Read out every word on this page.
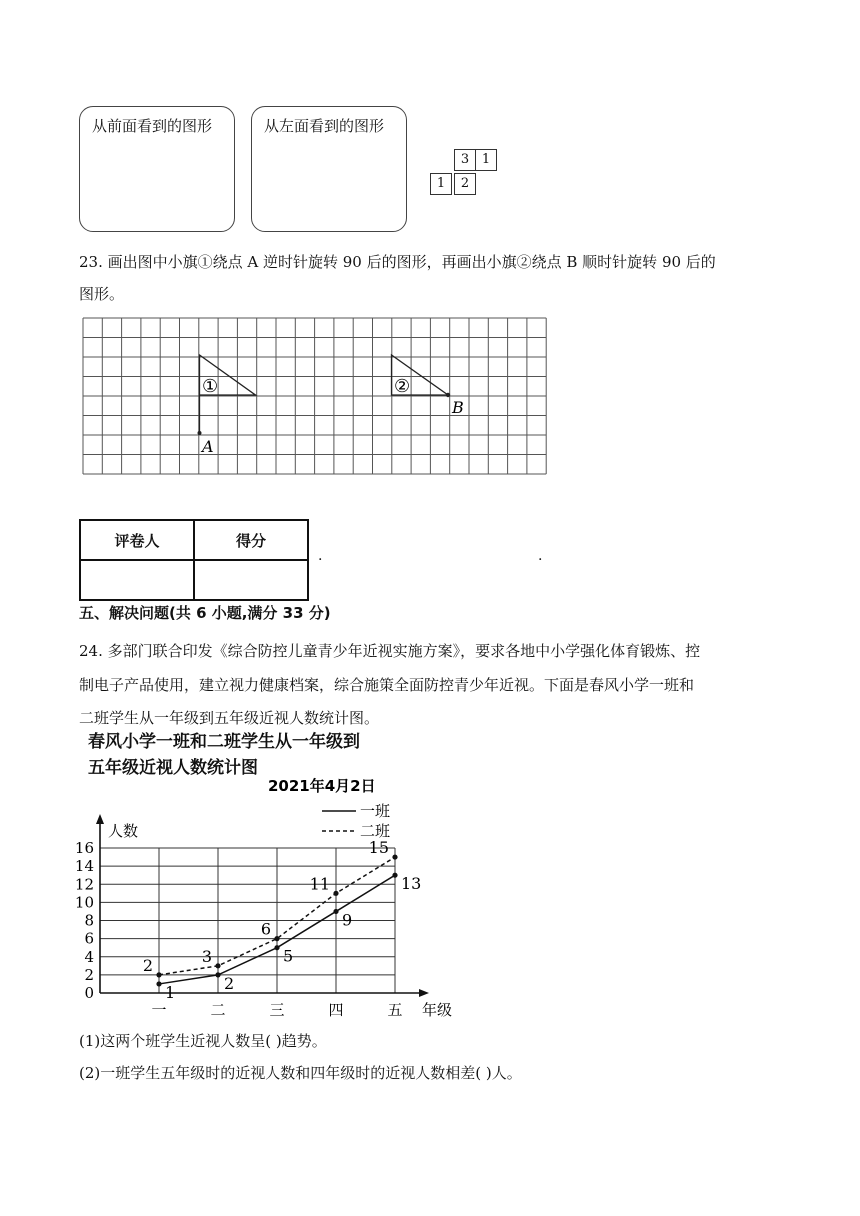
从前面看到的图形	从左面看到的图形
3 1
1	2
23. 画出图中小旗①绕点 A 逆时针旋转 90 后的图形，再画出小旗②绕点 B 顺时针旋转 90 后的
图形。
①
A
②
B
评卷人	得分

.	.
五、解决问题(共 6 小题,满分 33 分)
24. 多部门联合印发《综合防控儿童青少年近视实施方案》，要求各地中小学强化体育锻炼、控
制电子产品使用，建立视力健康档案，综合施策全面防控青少年近视。下面是春风小学一班和
二班学生从一年级到五年级近视人数统计图。
春风小学一班和二班学生从一年级到
五年级近视人数统计图
0
2
4
6
8
10
12
14
16
一	二	三	四	五
人数
年级
2021年4月2日
一班
二班
1	2
5
9
13
2	3
6
11
15
(1)这两个班学生近视人数呈( )趋势。
(2)一班学生五年级时的近视人数和四年级时的近视人数相差( )人。
